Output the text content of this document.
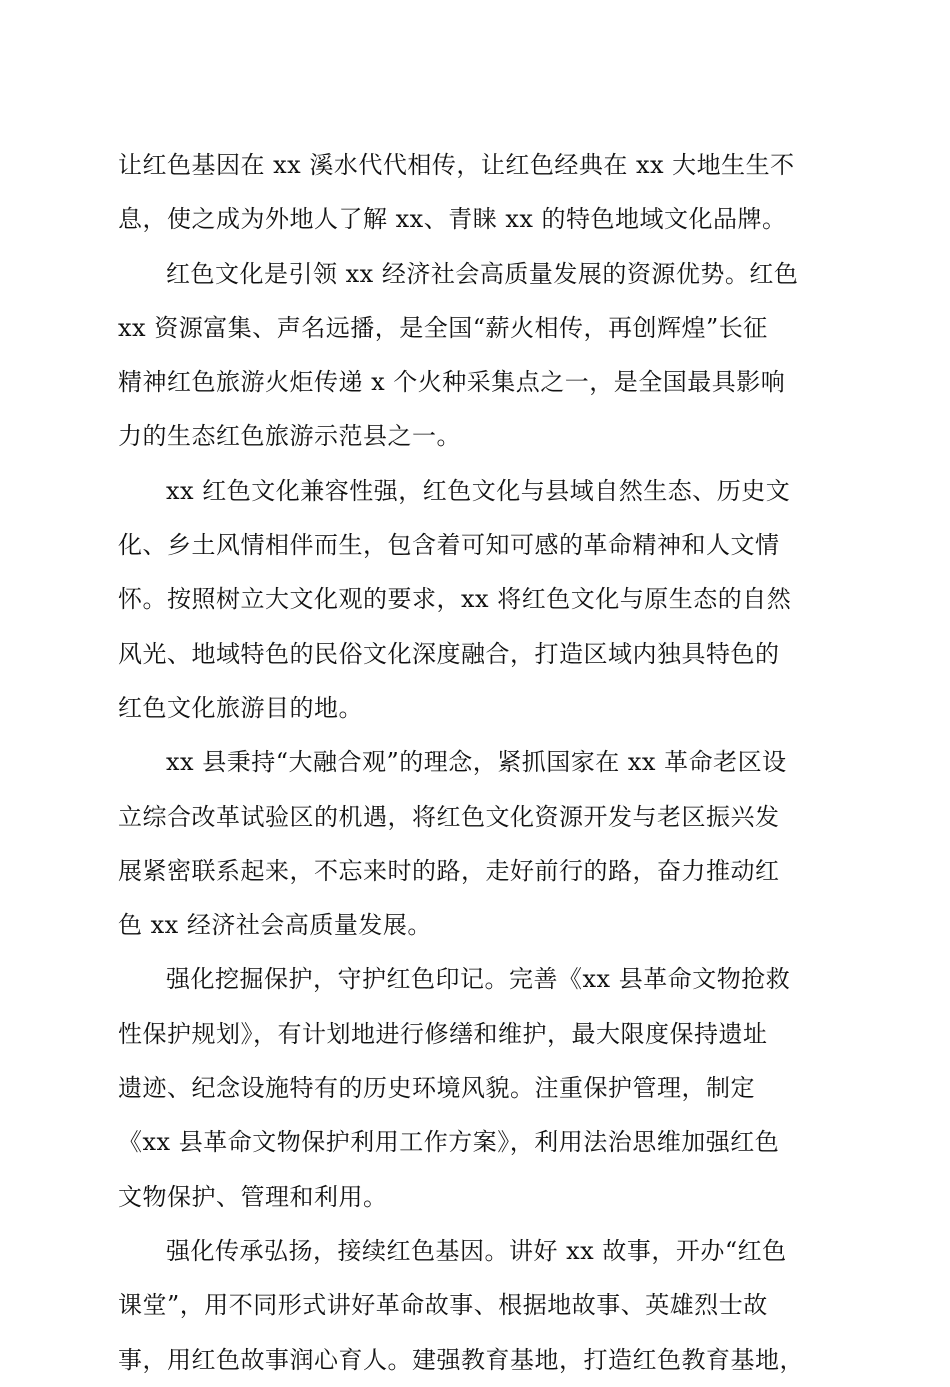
让红色基因在 xx 溪水代代相传，让红色经典在 xx 大地生生不
息，使之成为外地人了解 xx、青睐 xx 的特色地域文化品牌。
红色文化是引领 xx 经济社会高质量发展的资源优势。红色
xx 资源富集、声名远播，是全国“薪火相传，再创辉煌”长征
精神红色旅游火炬传递 x 个火种采集点之一，是全国最具影响
力的生态红色旅游示范县之一。
xx 红色文化兼容性强，红色文化与县域自然生态、历史文
化、乡土风情相伴而生，包含着可知可感的革命精神和人文情
怀。按照树立大文化观的要求，xx 将红色文化与原生态的自然
风光、地域特色的民俗文化深度融合，打造区域内独具特色的
红色文化旅游目的地。
xx 县秉持“大融合观”的理念，紧抓国家在 xx 革命老区设
立综合改革试验区的机遇，将红色文化资源开发与老区振兴发
展紧密联系起来，不忘来时的路，走好前行的路，奋力推动红
色 xx 经济社会高质量发展。
强化挖掘保护，守护红色印记。完善《xx 县革命文物抢救
性保护规划》，有计划地进行修缮和维护，最大限度保持遗址
遗迹、纪念设施特有的历史环境风貌。注重保护管理，制定
《xx 县革命文物保护利用工作方案》，利用法治思维加强红色
文物保护、管理和利用。
强化传承弘扬，接续红色基因。讲好 xx 故事，开办“红色
课堂”，用不同形式讲好革命故事、根据地故事、英雄烈士故
事，用红色故事润心育人。建强教育基地，打造红色教育基地，
